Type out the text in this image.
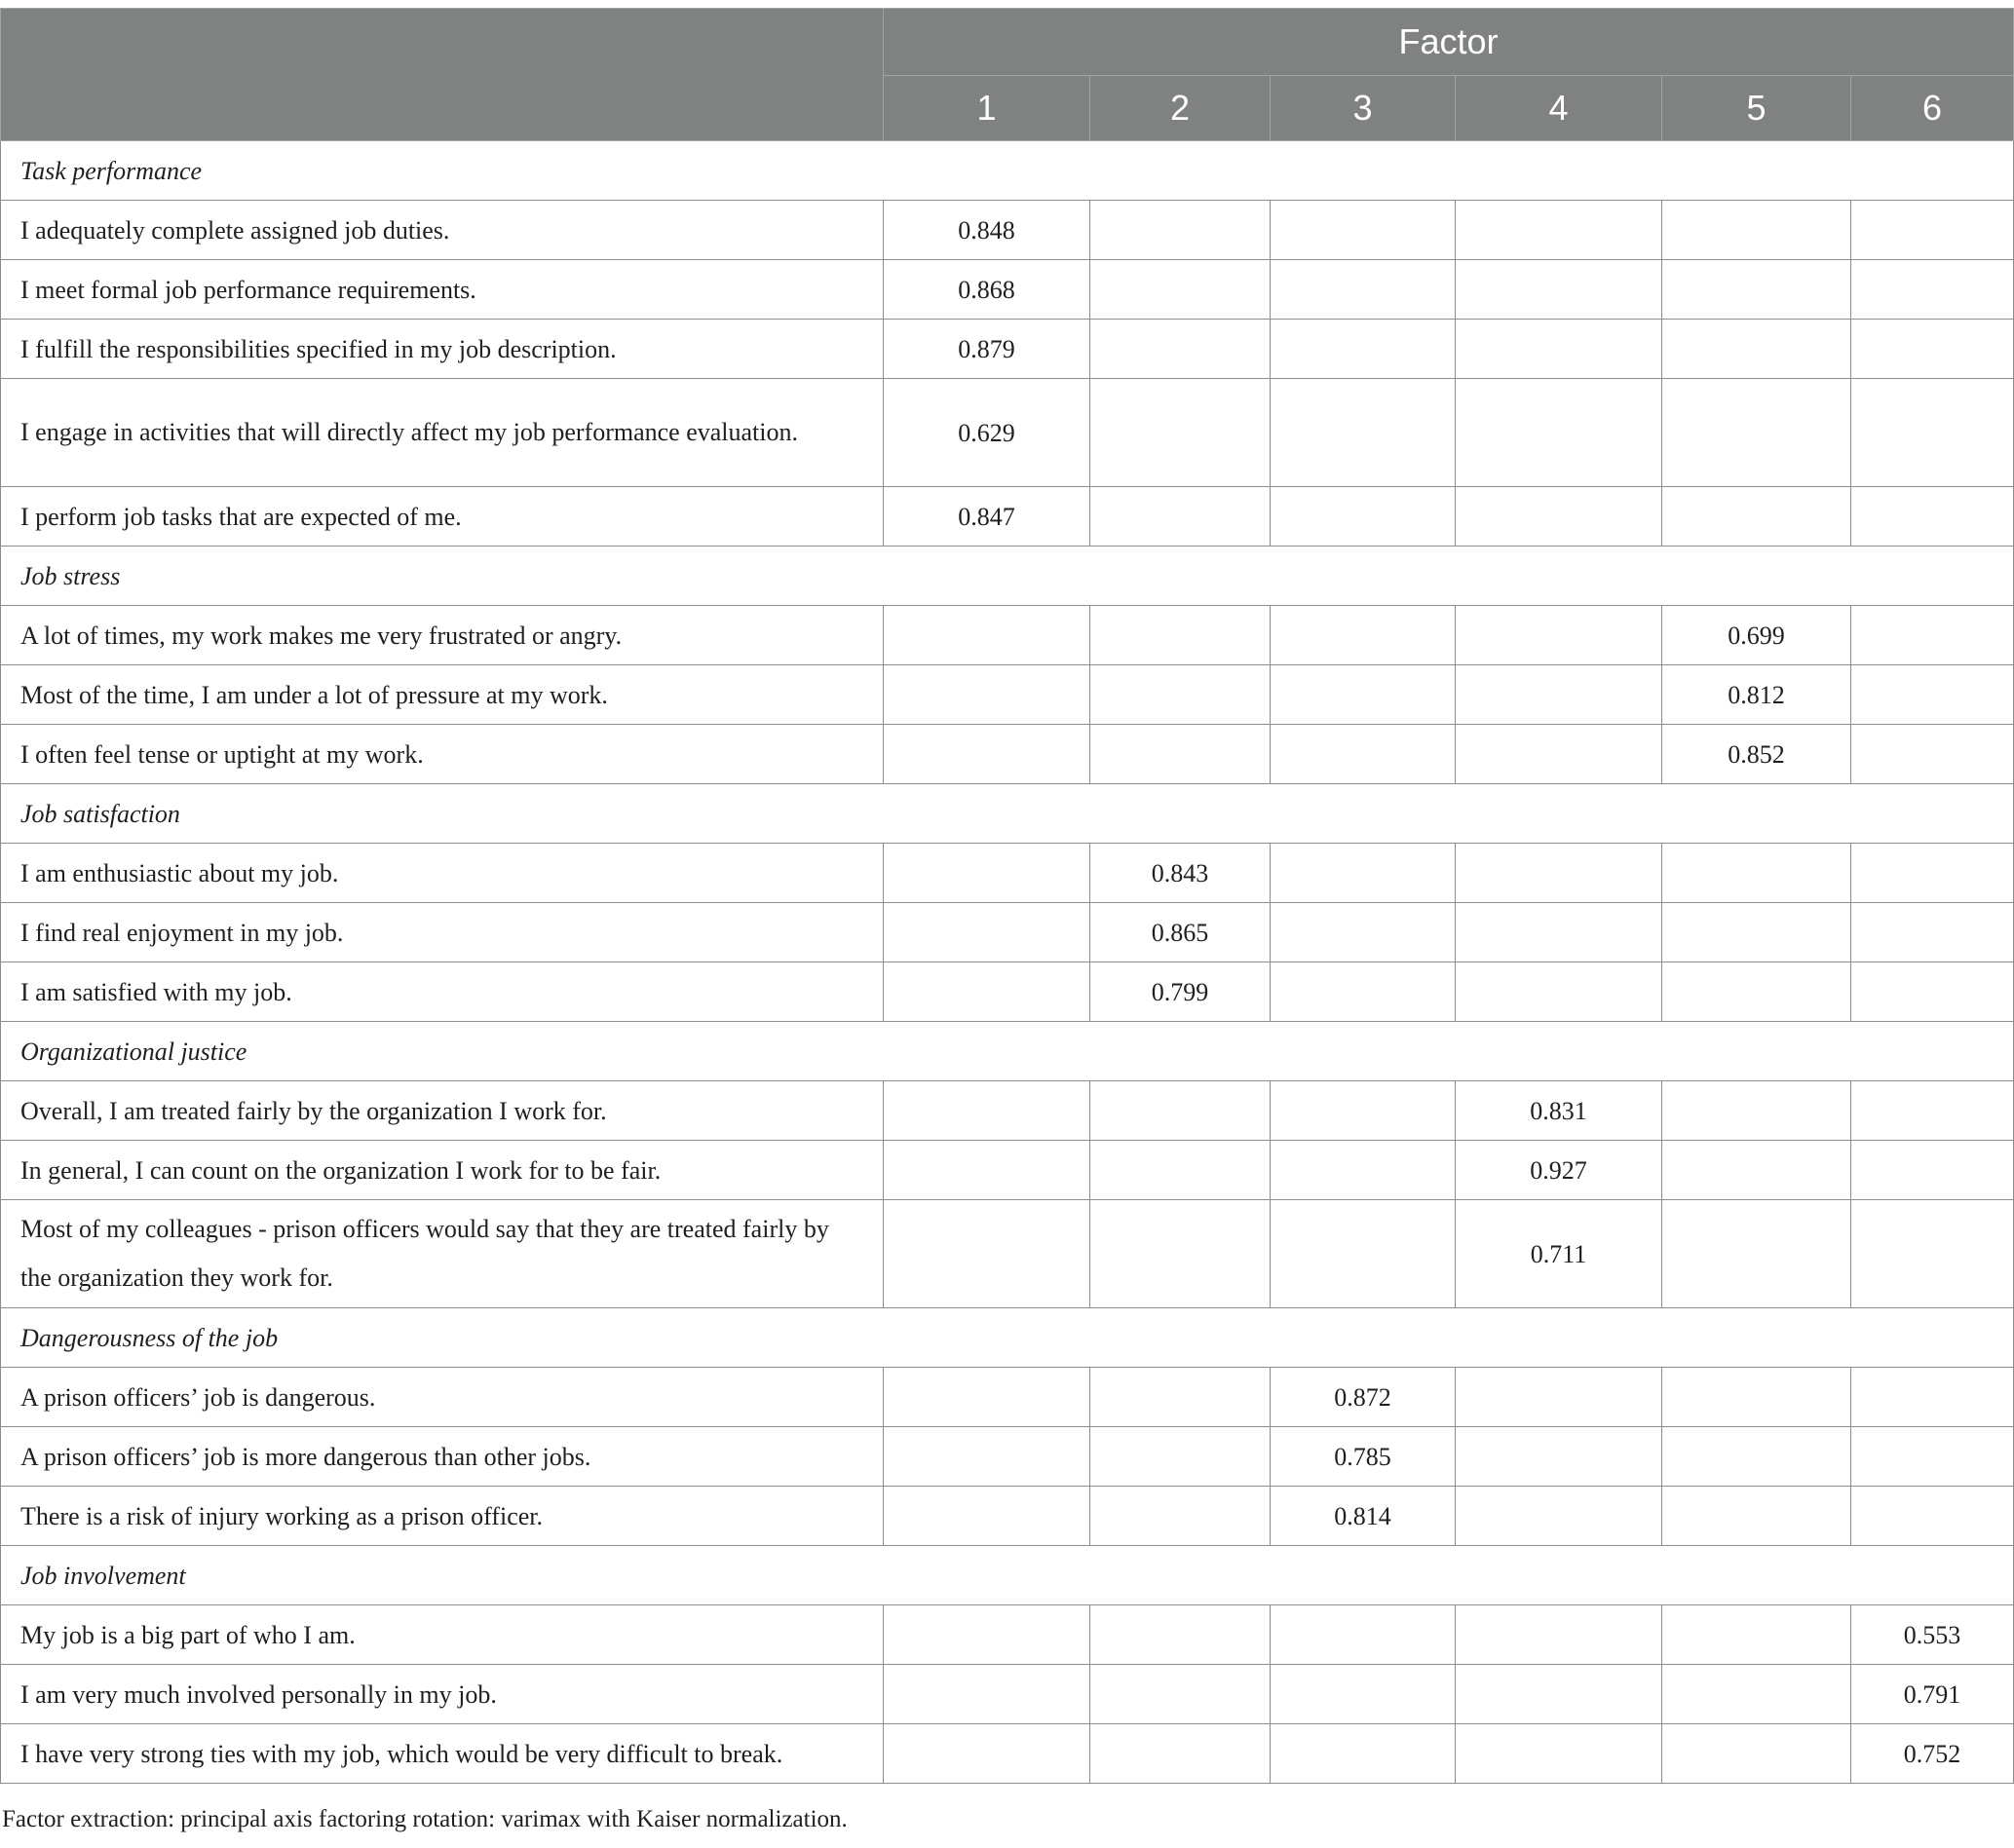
	Factor					
	1	2	3	4	5	6
Task performance						
I adequately complete assigned job duties.	0.848					
I meet formal job performance requirements.	0.868					
I fulfill the responsibilities specified in my job description.	0.879					
I engage in activities that will directly affect my job performance evaluation.	0.629					
I perform job tasks that are expected of me.	0.847					
Job stress						
A lot of times, my work makes me very frustrated or angry.					0.699	
Most of the time, I am under a lot of pressure at my work.					0.812	
I often feel tense or uptight at my work.					0.852	
Job satisfaction						
I am enthusiastic about my job.		0.843				
I find real enjoyment in my job.		0.865				
I am satisfied with my job.		0.799				
Organizational justice						
Overall, I am treated fairly by the organization I work for.				0.831		
In general, I can count on the organization I work for to be fair.				0.927		
Most of my colleagues - prison officers would say that they are treated fairly by the organization they work for.				0.711		
Dangerousness of the job						
A prison officers’ job is dangerous.			0.872			
A prison officers’ job is more dangerous than other jobs.			0.785			
There is a risk of injury working as a prison officer.			0.814			
Job involvement						
My job is a big part of who I am.						0.553
I am very much involved personally in my job.						0.791
I have very strong ties with my job, which would be very difficult to break.						0.752
Factor extraction: principal axis factoring rotation: varimax with Kaiser normalization.
